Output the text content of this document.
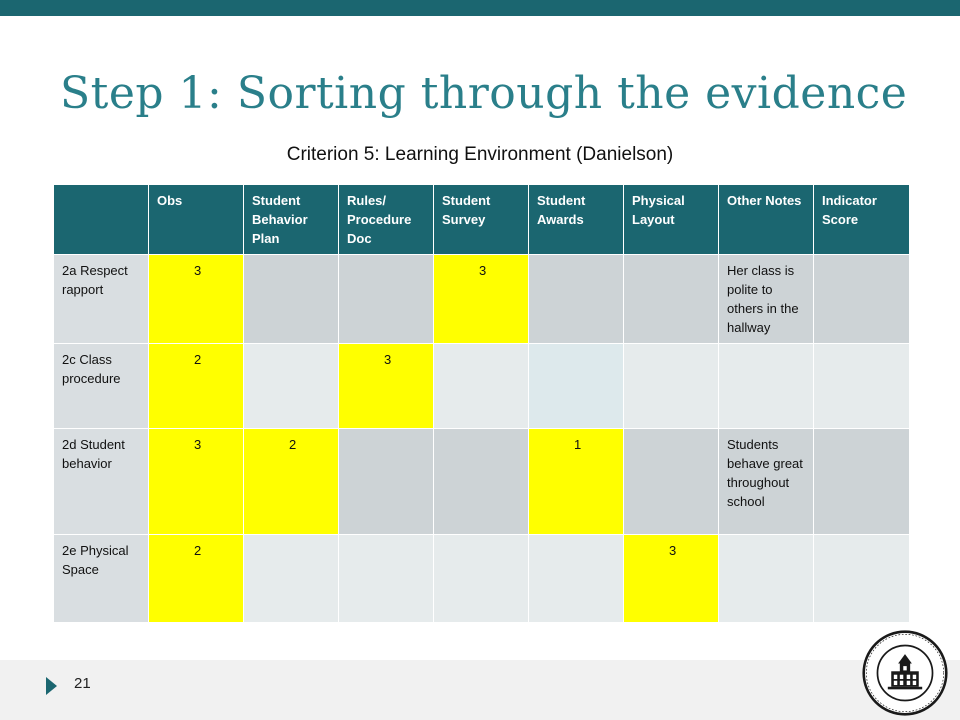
Step 1: Sorting through the evidence
Criterion 5: Learning Environment (Danielson)
	Obs	Student Behavior Plan	Rules/ Procedure Doc	Student Survey	Student Awards	Physical Layout	Other Notes	Indicator Score
2a Respect rapport	3			3			Her class is polite to others in the hallway	
2c Class procedure	2		3					
2d Student behavior	3	2			1		Students behave great throughout school	
2e Physical Space	2					3		
21
